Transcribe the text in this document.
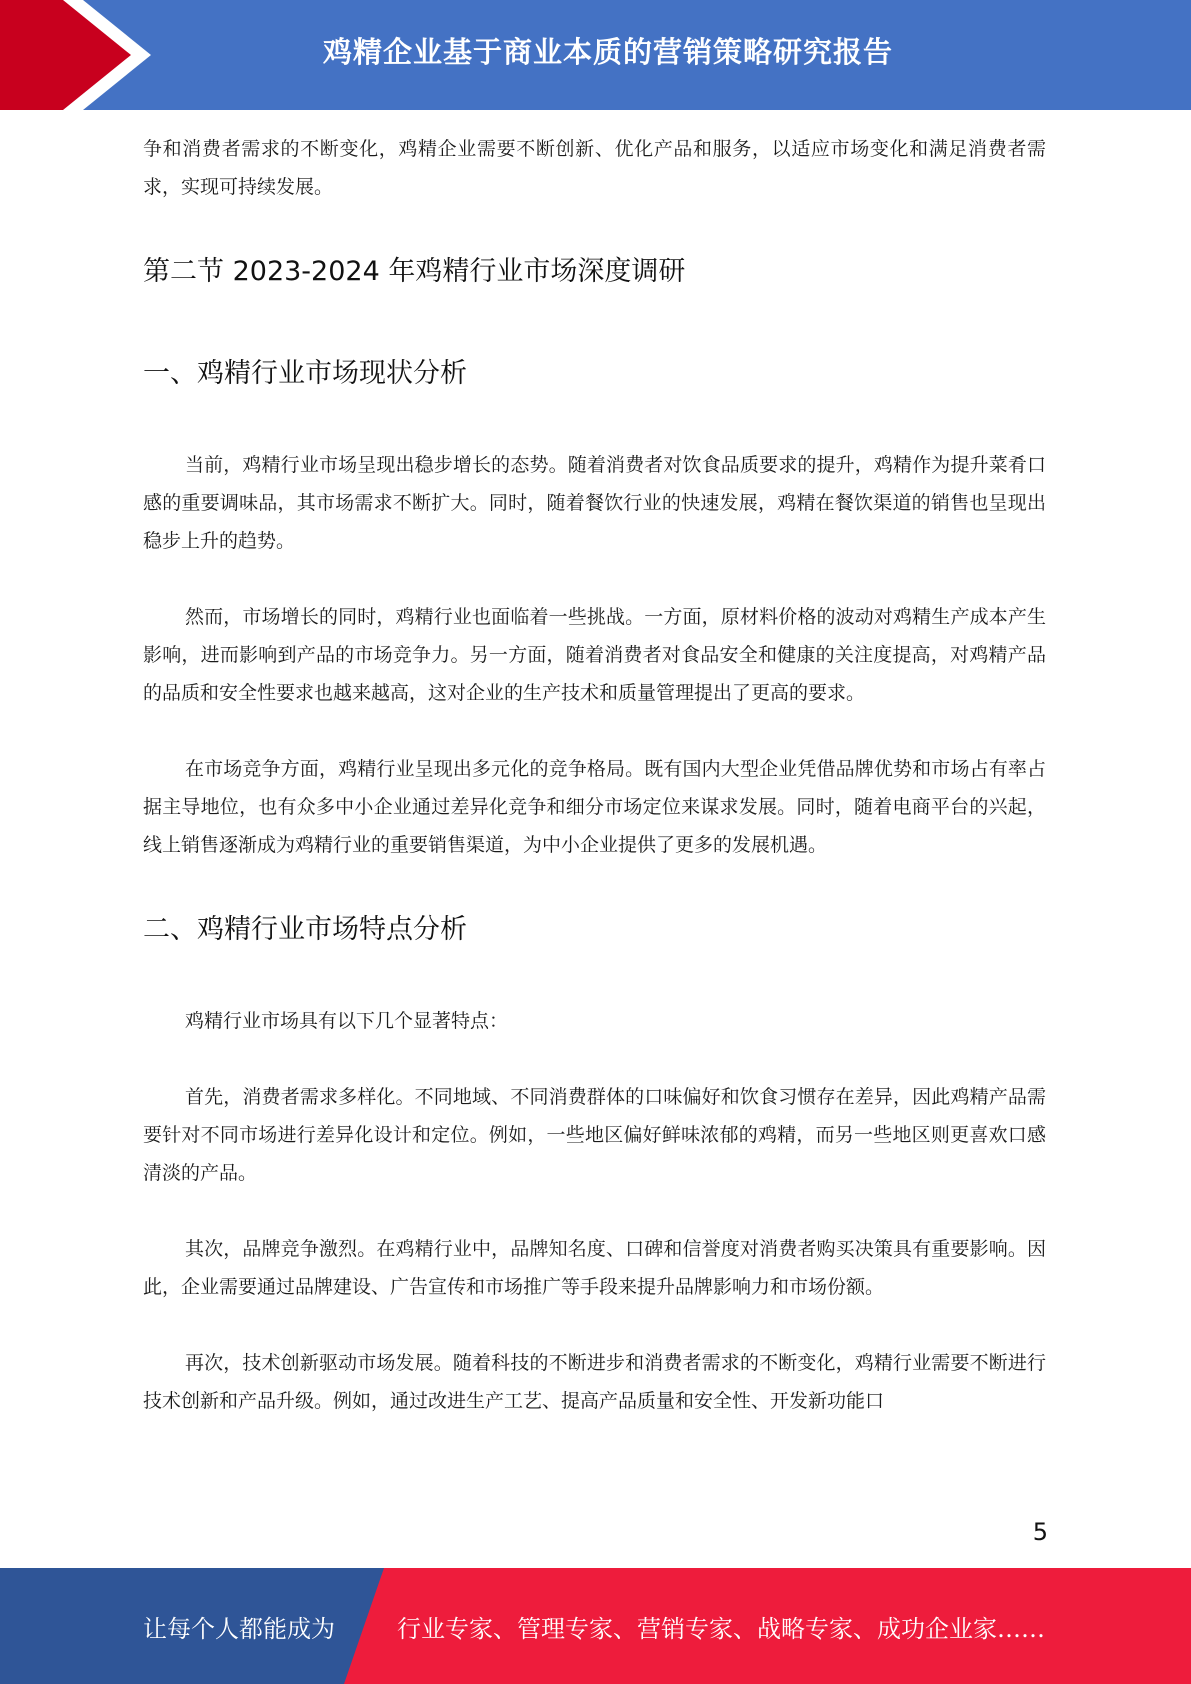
鸡精企业基于商业本质的营销策略研究报告

争和消费者需求的不断变化，鸡精企业需要不断创新、优化产品和服务，以适应市场变化和满足消费者需求，实现可持续发展。

第二节 2023-2024 年鸡精行业市场深度调研
一、鸡精行业市场现状分析

当前，鸡精行业市场呈现出稳步增长的态势。随着消费者对饮食品质要求的提升，鸡精作为提升菜肴口感的重要调味品，其市场需求不断扩大。同时，随着餐饮行业的快速发展，鸡精在餐饮渠道的销售也呈现出稳步上升的趋势。

然而，市场增长的同时，鸡精行业也面临着一些挑战。一方面，原材料价格的波动对鸡精生产成本产生影响，进而影响到产品的市场竞争力。另一方面，随着消费者对食品安全和健康的关注度提高，对鸡精产品的品质和安全性要求也越来越高，这对企业的生产技术和质量管理提出了更高的要求。

在市场竞争方面，鸡精行业呈现出多元化的竞争格局。既有国内大型企业凭借品牌优势和市场占有率占据主导地位，也有众多中小企业通过差异化竞争和细分市场定位来谋求发展。同时，随着电商平台的兴起，线上销售逐渐成为鸡精行业的重要销售渠道，为中小企业提供了更多的发展机遇。

二、鸡精行业市场特点分析

鸡精行业市场具有以下几个显著特点：

首先，消费者需求多样化。不同地域、不同消费群体的口味偏好和饮食习惯存在差异，因此鸡精产品需要针对不同市场进行差异化设计和定位。例如，一些地区偏好鲜味浓郁的鸡精，而另一些地区则更喜欢口感清淡的产品。

其次，品牌竞争激烈。在鸡精行业中，品牌知名度、口碑和信誉度对消费者购买决策具有重要影响。因此，企业需要通过品牌建设、广告宣传和市场推广等手段来提升品牌影响力和市场份额。

再次，技术创新驱动市场发展。随着科技的不断进步和消费者需求的不断变化，鸡精行业需要不断进行技术创新和产品升级。例如，通过改进生产工艺、提高产品质量和安全性、开发新功能口

5
让每个人都能成为	行业专家、管理专家、营销专家、战略专家、成功企业家……
